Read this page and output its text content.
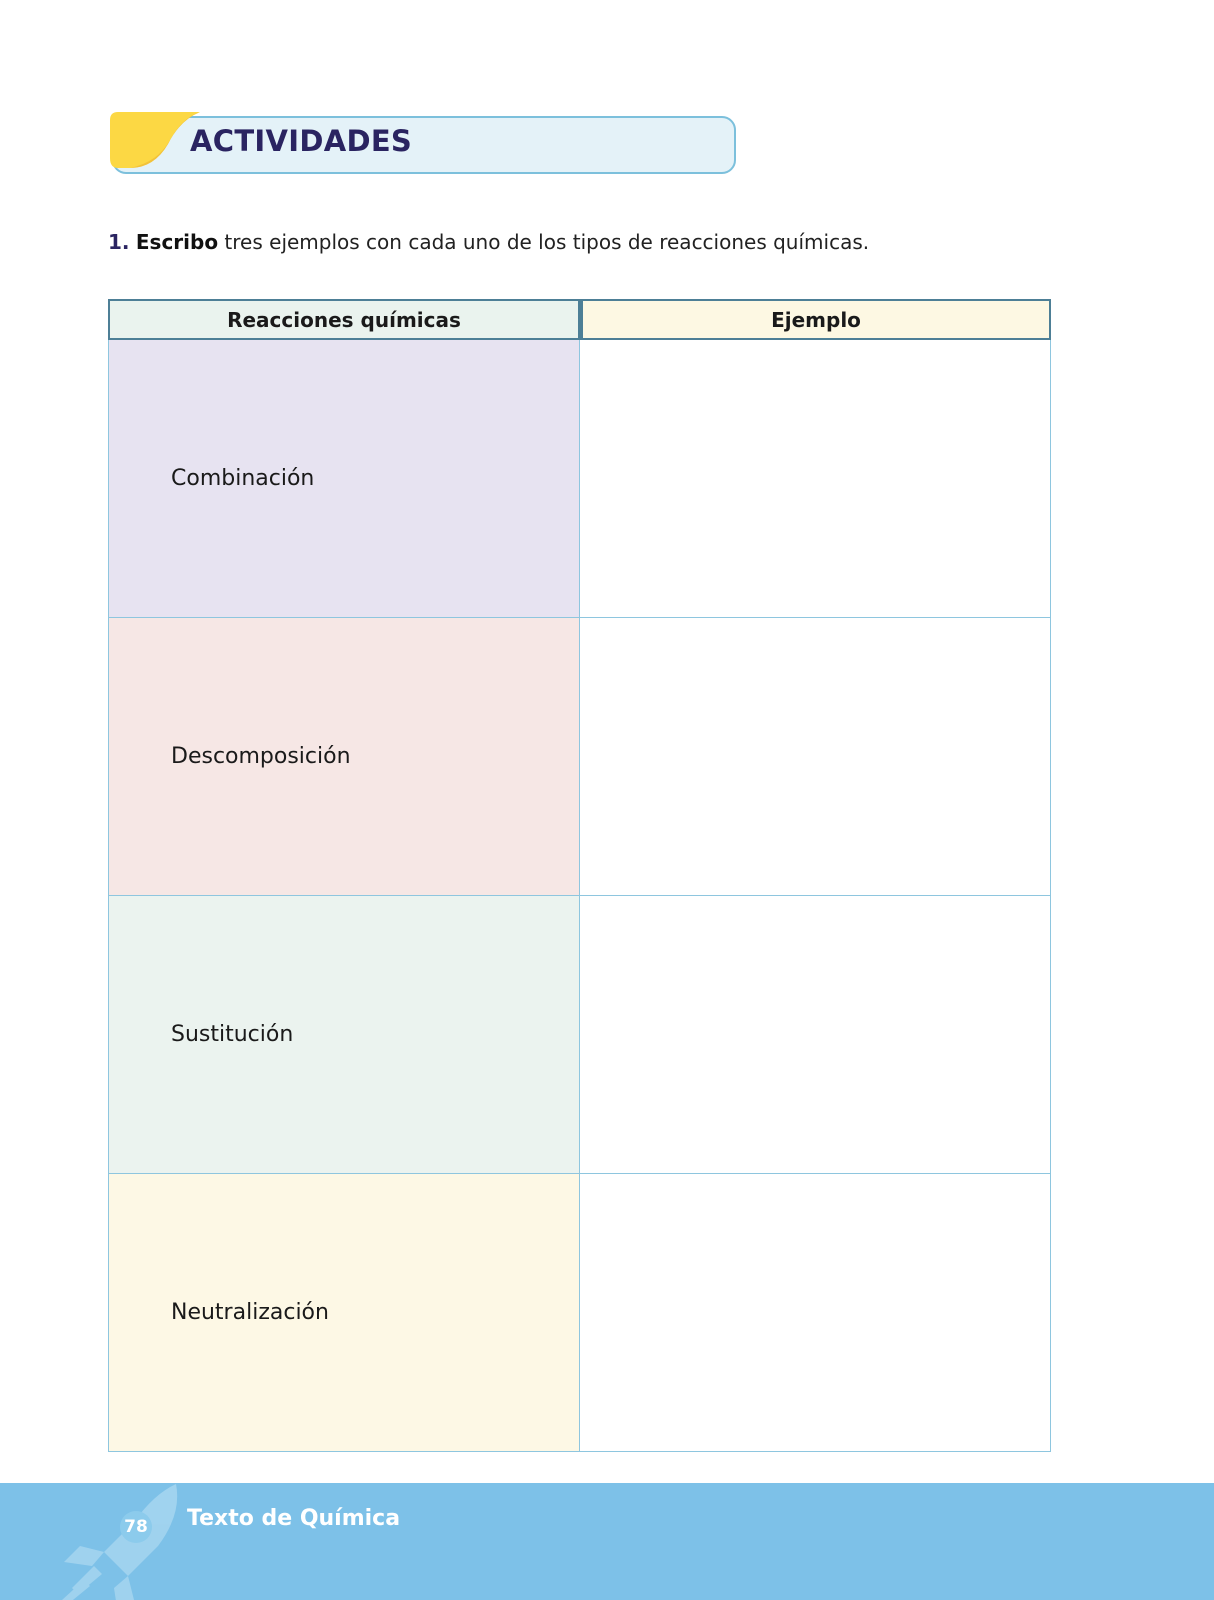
ACTIVIDADES
1. Escribo tres ejemplos con cada uno de los tipos de reacciones químicas.
Reacciones químicas	Ejemplo
Combinación
Descomposición
Sustitución
Neutralización
78 Texto de Química
